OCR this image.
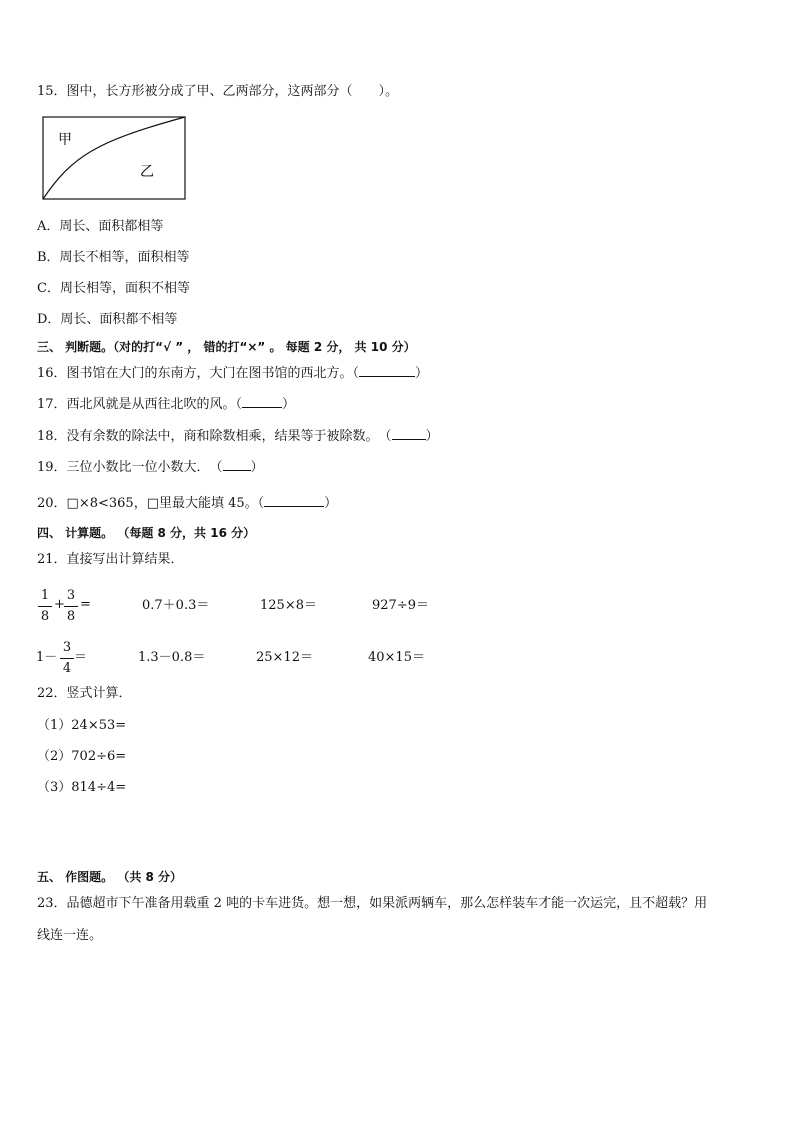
15．图中，长方形被分成了甲、乙两部分，这两部分（　　）。
甲
乙
A．周长、面积都相等
B．周长不相等，面积相等
C．周长相等，面积不相等
D．周长、面积都不相等
三、 判断题。（对的打“√ ” ， 错的打“×” 。 每题 2 分， 共 10 分）
16．图书馆在大门的东南方，大门在图书馆的西北方。（	）
17．西北风就是从西往北吹的风。（	）
18．没有余数的除法中，商和除数相乘，结果等于被除数。　（	）
19．三位小数比一位小数大．　（ ）
20．□×8<365，□里最大能填 45。（	）
四、 计算题。 （每题 8 分，共 16 分）
21．直接写出计算结果．
1
8
+
3
8
=	0.7＋0.3＝	125×8＝	927÷9＝
1－
3
4
＝	1.3－0.8＝	25×12＝	40×15＝
22．竖式计算．
（1）24×53=
（2）702÷6=
（3）814÷4=
五、 作图题。 （共 8 分）
23．品德超市下午准备用载重 2 吨的卡车进货。想一想，如果派两辆车，那么怎样装车才能一次运完，且不超载？用
线连一连。
